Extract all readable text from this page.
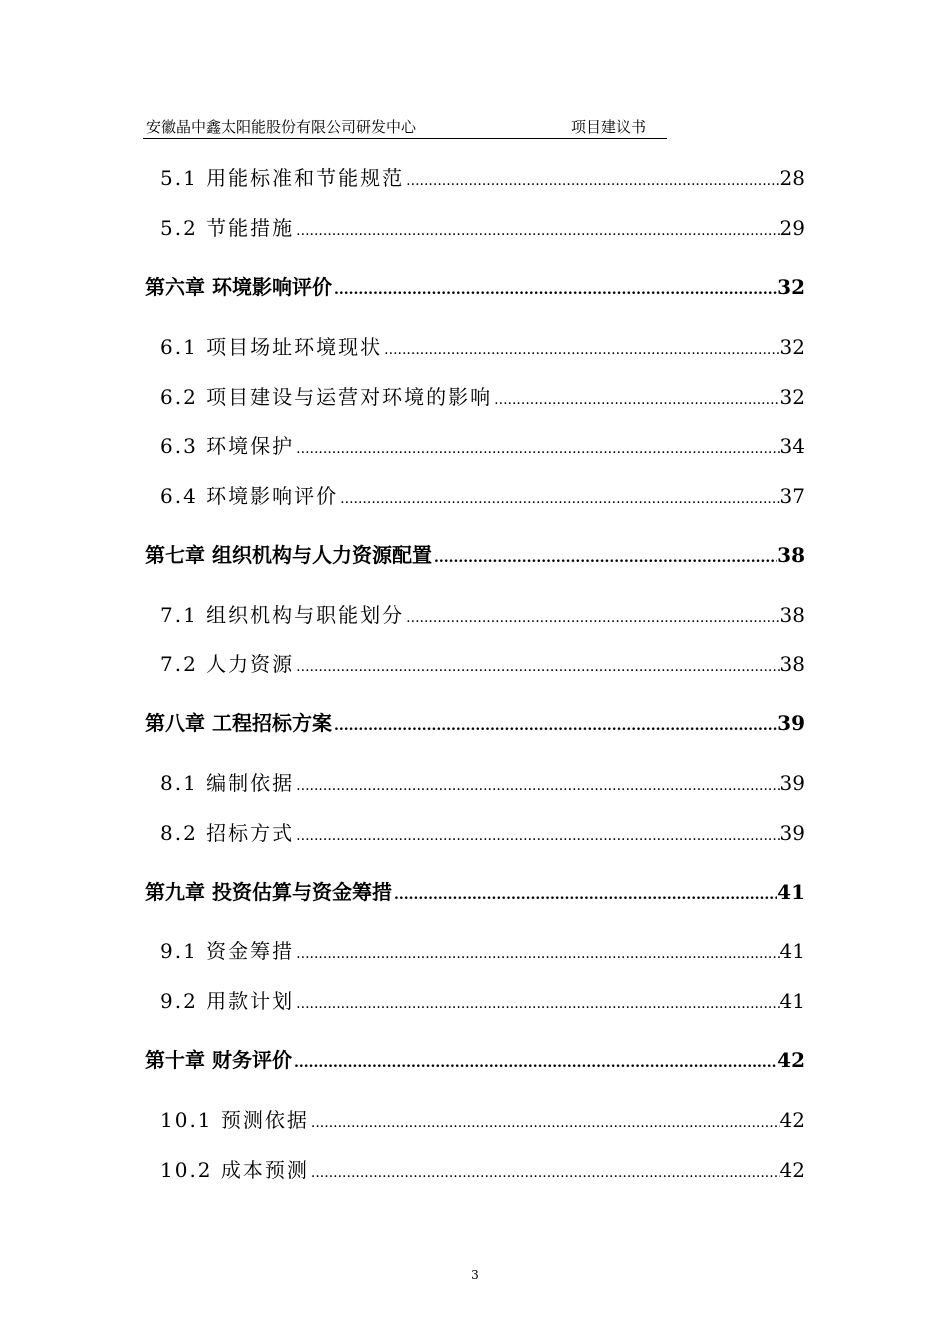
安徽晶中鑫太阳能股份有限公司研发中心	项目建议书
5.1 用能标准和节能规范 .....	28
5.2 节能措施 .....	29
第六章 环境影响评价 .....	32
6.1 项目场址环境现状 .....	32
6.2 项目建设与运营对环境的影响 .....	32
6.3 环境保护 .....	34
6.4 环境影响评价 .....	37
第七章 组织机构与人力资源配置 .....	38
7.1 组织机构与职能划分 .....	38
7.2 人力资源 .....	38
第八章 工程招标方案 .....	39
8.1 编制依据 .....	39
8.2 招标方式 .....	39
第九章 投资估算与资金筹措 .....	41
9.1 资金筹措 .....	41
9.2 用款计划 .....	41
第十章 财务评价 .....	42
10.1 预测依据 .....	42
10.2 成本预测 .....	42
3
